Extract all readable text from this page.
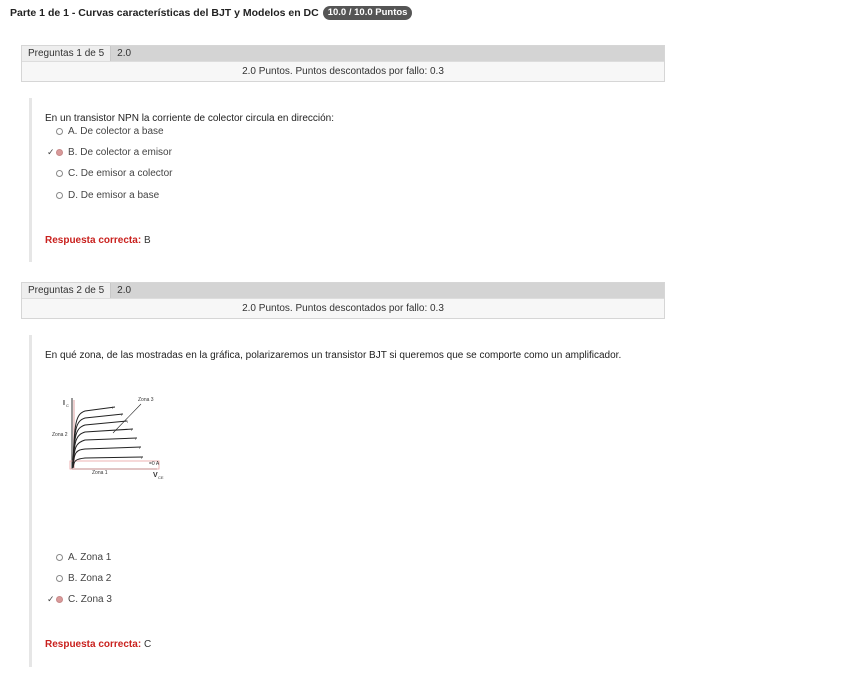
Parte 1 de 1 - Curvas características del BJT y Modelos en DC 10.0 / 10.0 Puntos
Preguntas 1 de 5	2.0
2.0 Puntos. Puntos descontados por fallo: 0.3
En un transistor NPN la corriente de colector circula en dirección:
A. De colector a base
✓ B. De colector a emisor
C. De emisor a colector
D. De emisor a base
Respuesta correcta: B
Preguntas 2 de 5	2.0
2.0 Puntos. Puntos descontados por fallo: 0.3
En qué zona, de las mostradas en la gráfica, polarizaremos un transistor BJT si queremos que se comporte como un amplificador.
I
I
I
I
I
I
I
=0 A
I C
V CE
Zona 2
Zona 1
Zona 3
A. Zona 1
B. Zona 2
✓ C. Zona 3
Respuesta correcta: C
